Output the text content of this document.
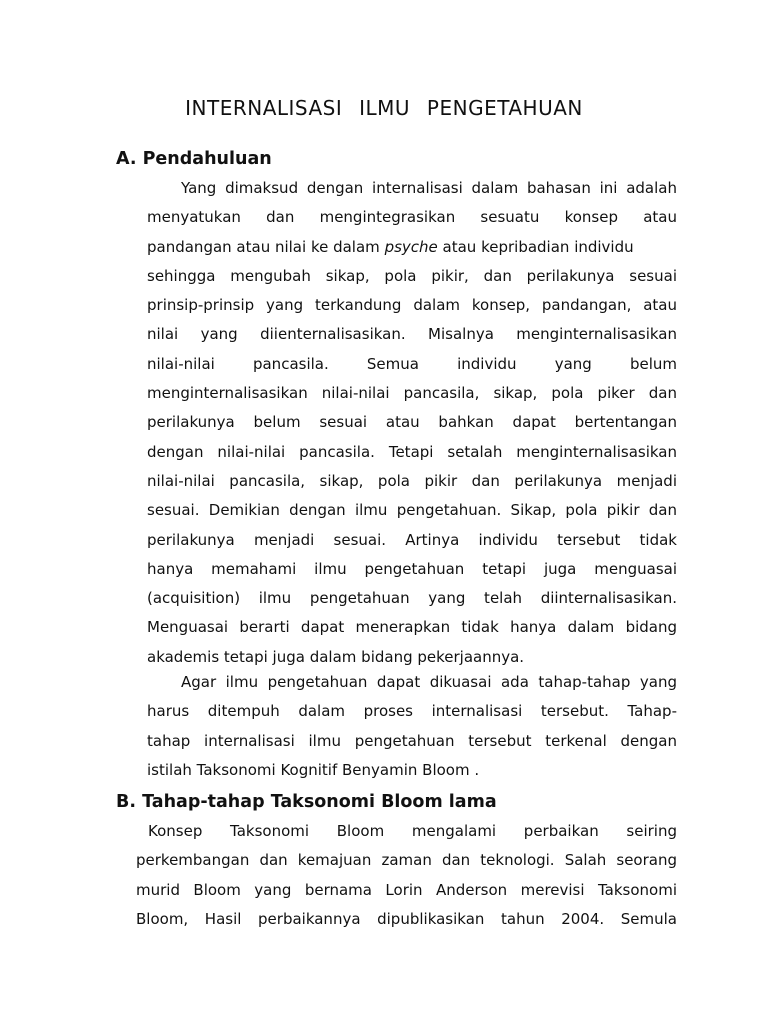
INTERNALISASI ILMU PENGETAHUAN
A. Pendahuluan
Yang dimaksud dengan internalisasi dalam bahasan ini adalah
menyatukan dan mengintegrasikan sesuatu konsep atau
pandangan atau nilai ke dalam psyche atau kepribadian individu
sehingga mengubah sikap, pola pikir, dan perilakunya sesuai
prinsip-prinsip yang terkandung dalam konsep, pandangan, atau
nilai yang diienternalisasikan. Misalnya menginternalisasikan
nilai-nilai pancasila. Semua individu yang belum
menginternalisasikan nilai-nilai pancasila, sikap, pola piker dan
perilakunya belum sesuai atau bahkan dapat bertentangan
dengan nilai-nilai pancasila. Tetapi setalah menginternalisasikan
nilai-nilai pancasila, sikap, pola pikir dan perilakunya menjadi
sesuai. Demikian dengan ilmu pengetahuan. Sikap, pola pikir dan
perilakunya menjadi sesuai. Artinya individu tersebut tidak
hanya memahami ilmu pengetahuan tetapi juga menguasai
(acquisition) ilmu pengetahuan yang telah diinternalisasikan.
Menguasai berarti dapat menerapkan tidak hanya dalam bidang
akademis tetapi juga dalam bidang pekerjaannya.
Agar ilmu pengetahuan dapat dikuasai ada tahap-tahap yang
harus ditempuh dalam proses internalisasi tersebut. Tahap-
tahap internalisasi ilmu pengetahuan tersebut terkenal dengan
istilah Taksonomi Kognitif Benyamin Bloom .
B. Tahap-tahap Taksonomi Bloom lama
Konsep Taksonomi Bloom mengalami perbaikan seiring
perkembangan dan kemajuan zaman dan teknologi. Salah seorang
murid Bloom yang bernama Lorin Anderson merevisi Taksonomi
Bloom, Hasil perbaikannya dipublikasikan tahun 2004. Semula
